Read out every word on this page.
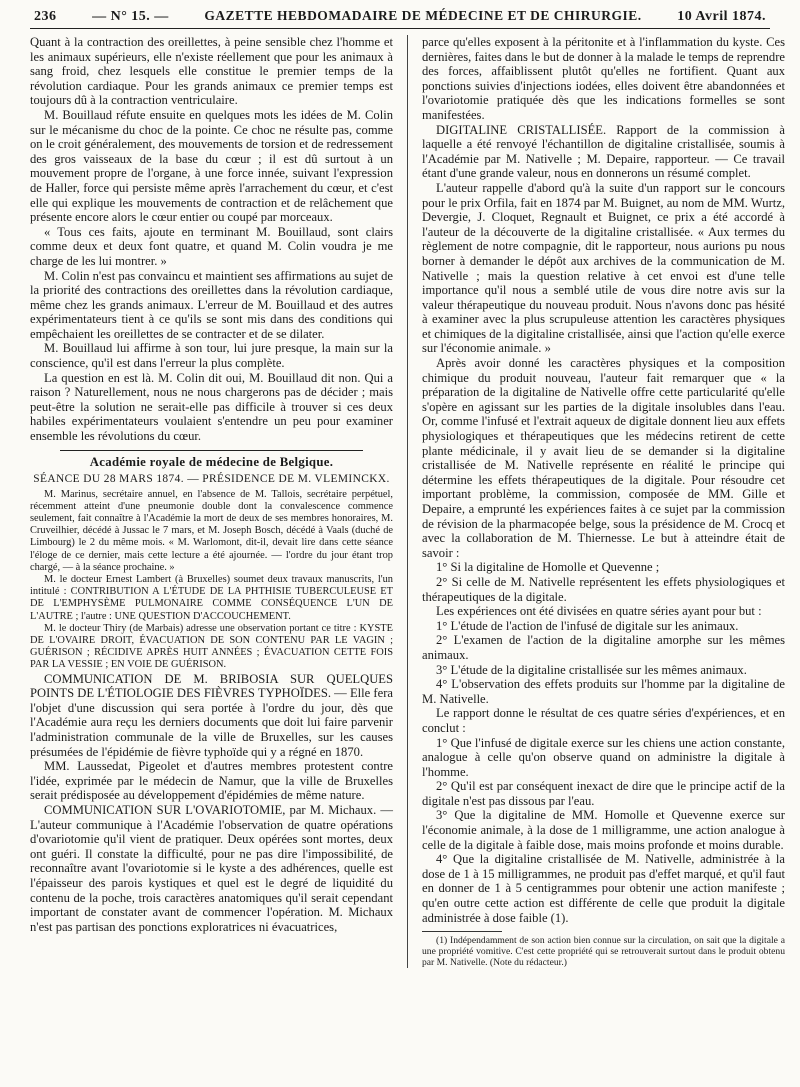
236	— N° 15. —	GAZETTE HEBDOMADAIRE DE MÉDECINE ET DE CHIRURGIE.	10 Avril 1874.

Quant à la contraction des oreillettes, à peine sensible chez l'homme et les animaux supérieurs, elle n'existe réellement que pour les animaux à sang froid, chez lesquels elle constitue le premier temps de la révolution cardiaque. Pour les grands animaux ce premier temps est toujours dû à la contraction ventriculaire.

M. Bouillaud réfute ensuite en quelques mots les idées de M. Colin sur le mécanisme du choc de la pointe. Ce choc ne résulte pas, comme on le croit généralement, des mouvements de torsion et de redressement des gros vaisseaux de la base du cœur ; il est dû surtout à un mouvement propre de l'organe, à une force innée, suivant l'expression de Haller, force qui persiste même après l'arrachement du cœur, et c'est elle qui explique les mouvements de contraction et de relâchement que présente encore alors le cœur entier ou coupé par morceaux.

« Tous ces faits, ajoute en terminant M. Bouillaud, sont clairs comme deux et deux font quatre, et quand M. Colin voudra je me charge de les lui montrer. »

M. Colin n'est pas convaincu et maintient ses affirmations au sujet de la priorité des contractions des oreillettes dans la révolution cardiaque, même chez les grands animaux. L'erreur de M. Bouillaud et des autres expérimentateurs tient à ce qu'ils se sont mis dans des conditions qui empêchaient les oreillettes de se contracter et de se dilater.

M. Bouillaud lui affirme à son tour, lui jure presque, la main sur la conscience, qu'il est dans l'erreur la plus complète.

La question en est là. M. Colin dit oui, M. Bouillaud dit non. Qui a raison ? Naturellement, nous ne nous chargerons pas de décider ; mais peut-être la solution ne serait-elle pas difficile à trouver si ces deux habiles expérimentateurs voulaient s'entendre un peu pour examiner ensemble les révolutions du cœur.

Académie royale de médecine de Belgique.
SÉANCE DU 28 MARS 1874. — PRÉSIDENCE DE M. VLEMINCKX.

M. Marinus, secrétaire annuel, en l'absence de M. Tallois, secrétaire perpétuel, récemment atteint d'une pneumonie double dont la convalescence commence seulement, fait connaître à l'Académie la mort de deux de ses membres honoraires, M. Cruveilhier, décédé à Jussac le 7 mars, et M. Joseph Bosch, décédé à Vaals (duché de Limbourg) le 2 du même mois. « M. Warlomont, dit-il, devait lire dans cette séance l'éloge de ce dernier, mais cette lecture a été ajournée. — l'ordre du jour étant trop chargé, — à la séance prochaine. »

M. le docteur Ernest Lambert (à Bruxelles) soumet deux travaux manuscrits, l'un intitulé : CONTRIBUTION A L'ÉTUDE DE LA PHTHISIE TUBERCULEUSE ET DE L'EMPHYSÈME PULMONAIRE COMME CONSÉQUENCE L'UN DE L'AUTRE ; l'autre : UNE QUESTION D'ACCOUCHEMENT.

M. le docteur Thiry (de Marbais) adresse une observation portant ce titre : KYSTE DE L'OVAIRE DROIT, ÉVACUATION DE SON CONTENU PAR LE VAGIN ; GUÉRISON ; RÉCIDIVE APRÈS HUIT ANNÉES ; ÉVACUATION CETTE FOIS PAR LA VESSIE ; EN VOIE DE GUÉRISON.

COMMUNICATION DE M. BRIBOSIA SUR QUELQUES POINTS DE L'ÉTIOLOGIE DES FIÈVRES TYPHOÏDES. — Elle fera l'objet d'une discussion qui sera portée à l'ordre du jour, dès que l'Académie aura reçu les derniers documents que doit lui faire parvenir l'administration communale de la ville de Bruxelles, sur les causes présumées de l'épidémie de fièvre typhoïde qui y a régné en 1870.

MM. Laussedat, Pigeolet et d'autres membres protestent contre l'idée, exprimée par le médecin de Namur, que la ville de Bruxelles serait prédisposée au développement d'épidémies de même nature.

COMMUNICATION SUR L'OVARIOTOMIE, par M. Michaux. — L'auteur communique à l'Académie l'observation de quatre opérations d'ovariotomie qu'il vient de pratiquer. Deux opérées sont mortes, deux ont guéri. Il constate la difficulté, pour ne pas dire l'impossibilité, de reconnaître avant l'ovariotomie si le kyste a des adhérences, quelle est l'épaisseur des parois kystiques et quel est le degré de liquidité du contenu de la poche, trois caractères anatomiques qu'il serait cependant important de constater avant de commencer l'opération. M. Michaux n'est pas partisan des ponctions exploratrices ni évacuatrices,

parce qu'elles exposent à la péritonite et à l'inflammation du kyste. Ces dernières, faites dans le but de donner à la malade le temps de reprendre des forces, affaiblissent plutôt qu'elles ne fortifient. Quant aux ponctions suivies d'injections iodées, elles doivent être abandonnées et l'ovariotomie pratiquée dès que les indications formelles se sont manifestées.

DIGITALINE CRISTALLISÉE. Rapport de la commission à laquelle a été renvoyé l'échantillon de digitaline cristallisée, soumis à l'Académie par M. Nativelle ; M. Depaire, rapporteur. — Ce travail étant d'une grande valeur, nous en donnerons un résumé complet.

L'auteur rappelle d'abord qu'à la suite d'un rapport sur le concours pour le prix Orfila, fait en 1874 par M. Buignet, au nom de MM. Wurtz, Devergie, J. Cloquet, Regnault et Buignet, ce prix a été accordé à l'auteur de la découverte de la digitaline cristallisée. « Aux termes du règlement de notre compagnie, dit le rapporteur, nous aurions pu nous borner à demander le dépôt aux archives de la communication de M. Nativelle ; mais la question relative à cet envoi est d'une telle importance qu'il nous a semblé utile de vous dire notre avis sur la valeur thérapeutique du nouveau produit. Nous n'avons donc pas hésité à examiner avec la plus scrupuleuse attention les caractères physiques et chimiques de la digitaline cristallisée, ainsi que l'action qu'elle exerce sur l'économie animale. »

Après avoir donné les caractères physiques et la composition chimique du produit nouveau, l'auteur fait remarquer que « la préparation de la digitaline de Nativelle offre cette particularité qu'elle s'opère en agissant sur les parties de la digitale insolubles dans l'eau. Or, comme l'infusé et l'extrait aqueux de digitale donnent lieu aux effets physiologiques et thérapeutiques que les médecins retirent de cette plante médicinale, il y avait lieu de se demander si la digitaline cristallisée de M. Nativelle représente en réalité le principe qui détermine les effets thérapeutiques de la digitale. Pour résoudre cet important problème, la commission, composée de MM. Gille et Depaire, a emprunté les expériences faites à ce sujet par la commission de révision de la pharmacopée belge, sous la présidence de M. Crocq et avec la collaboration de M. Thiernesse. Le but à atteindre était de savoir :

1° Si la digitaline de Homolle et Quevenne ;

2° Si celle de M. Nativelle représentent les effets physiologiques et thérapeutiques de la digitale.

Les expériences ont été divisées en quatre séries ayant pour but :

1° L'étude de l'action de l'infusé de digitale sur les animaux.

2° L'examen de l'action de la digitaline amorphe sur les mêmes animaux.

3° L'étude de la digitaline cristallisée sur les mêmes animaux.

4° L'observation des effets produits sur l'homme par la digitaline de M. Nativelle.

Le rapport donne le résultat de ces quatre séries d'expériences, et en conclut :

1° Que l'infusé de digitale exerce sur les chiens une action constante, analogue à celle qu'on observe quand on administre la digitale à l'homme.

2° Qu'il est par conséquent inexact de dire que le principe actif de la digitale n'est pas dissous par l'eau.

3° Que la digitaline de MM. Homolle et Quevenne exerce sur l'économie animale, à la dose de 1 milligramme, une action analogue à celle de la digitale à faible dose, mais moins profonde et moins durable.

4° Que la digitaline cristallisée de M. Nativelle, administrée à la dose de 1 à 15 milligrammes, ne produit pas d'effet marqué, et qu'il faut en donner de 1 à 5 centigrammes pour obtenir une action manifeste ; qu'en outre cette action est différente de celle que produit la digitale administrée à dose faible (1).

(1) Indépendamment de son action bien connue sur la circulation, on sait que la digitale a une propriété vomitive. C'est cette propriété qui se retrouverait surtout dans le produit obtenu par M. Nativelle. (Note du rédacteur.)
